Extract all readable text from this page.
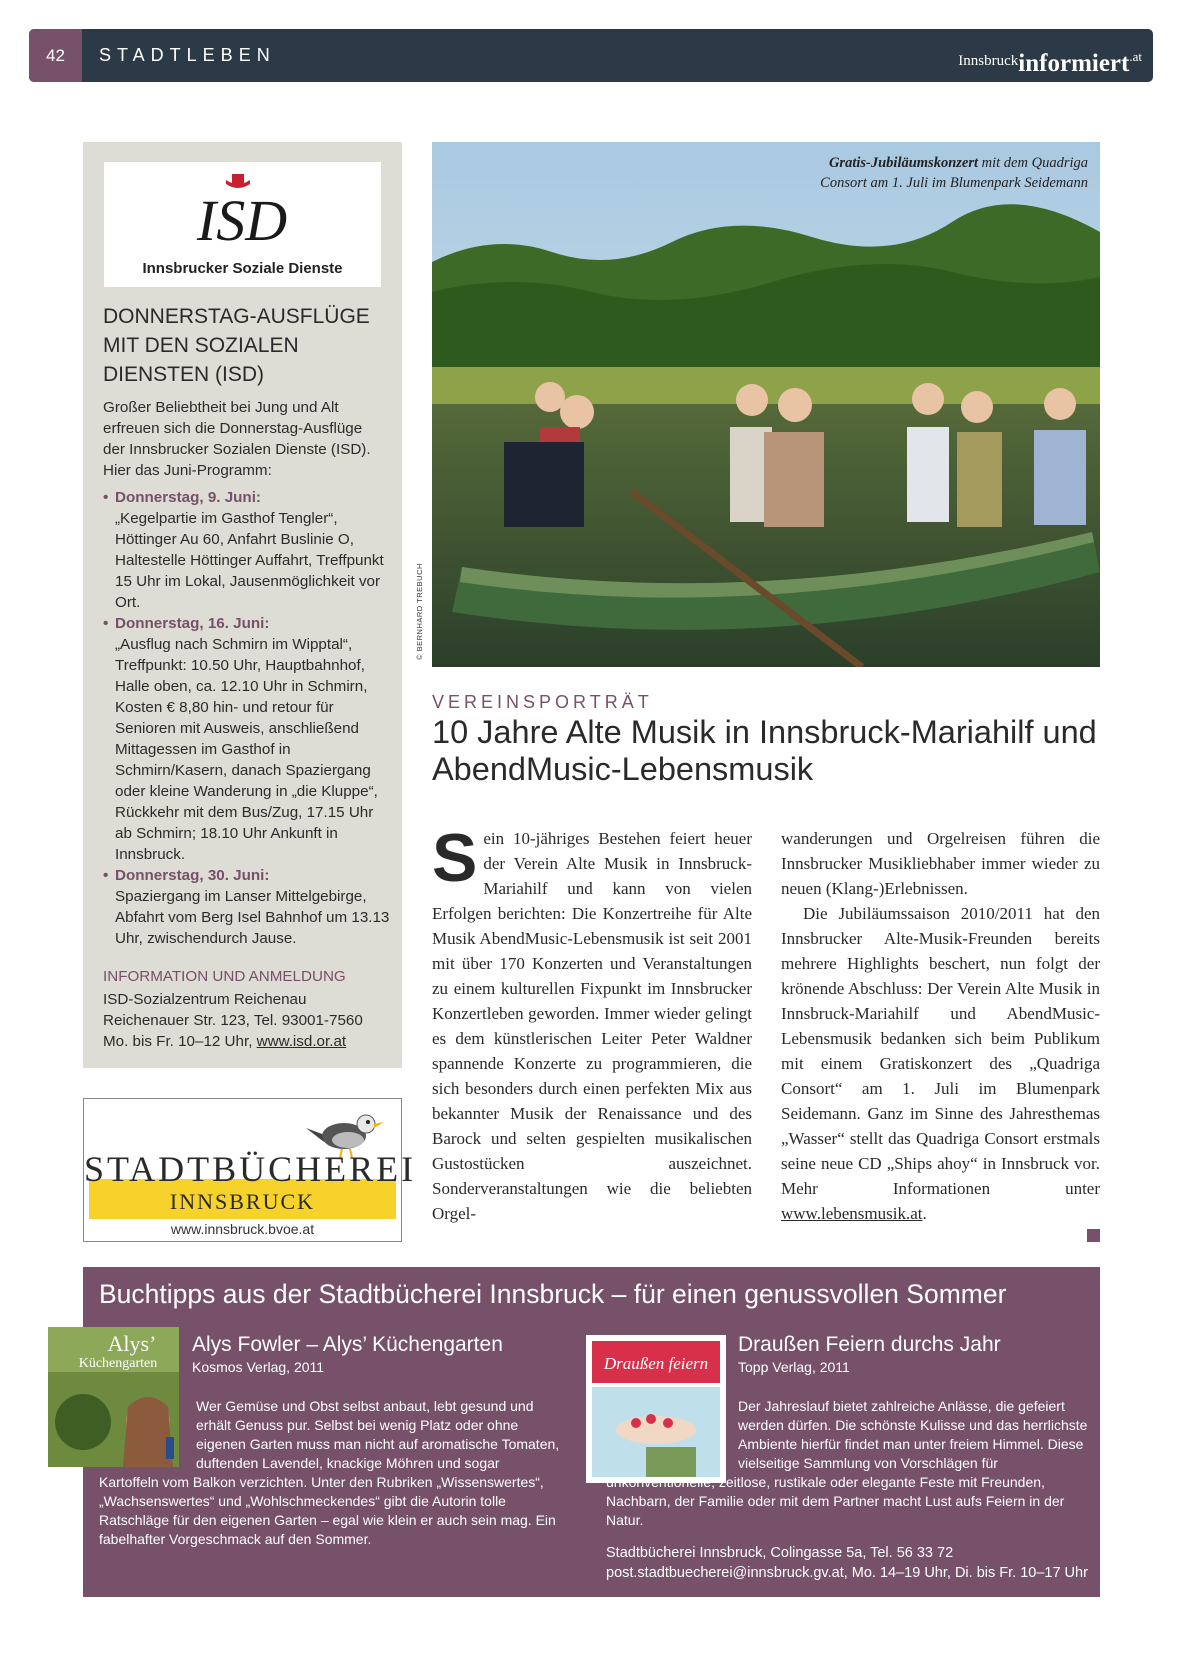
42	STADTLEBEN	Innsbruckinformiert$^{.at}$
ISD
Innsbrucker Soziale Dienste
DONNERSTAG-AUSFLÜGE MIT DEN SOZIALEN DIENSTEN (ISD)
Großer Beliebtheit bei Jung und Alt erfreuen sich die Donnerstag-Ausflüge der Innsbrucker Sozialen Dienste (ISD). Hier das Juni-Programm:
• Donnerstag, 9. Juni:
„Kegelpartie im Gasthof Tengler“, Höttinger Au 60, Anfahrt Buslinie O, Haltestelle Höttinger Auffahrt, Treffpunkt 15 Uhr im Lokal, Jausenmöglichkeit vor Ort.
• Donnerstag, 16. Juni:
„Ausflug nach Schmirn im Wipptal“, Treffpunkt: 10.50 Uhr, Hauptbahnhof, Halle oben, ca. 12.10 Uhr in Schmirn, Kosten € 8,80 hin- und retour für Senioren mit Ausweis, anschließend Mittagessen im Gasthof in Schmirn/Kasern, danach Spaziergang oder kleine Wanderung in „die Kluppe“, Rückkehr mit dem Bus/Zug, 17.15 Uhr ab Schmirn; 18.10 Uhr Ankunft in Innsbruck.
• Donnerstag, 30. Juni:
Spaziergang im Lanser Mittelgebirge, Abfahrt vom Berg Isel Bahnhof um 13.13 Uhr, zwischendurch Jause.
INFORMATION UND ANMELDUNG
ISD-Sozialzentrum Reichenau
Reichenauer Str. 123, Tel. 93001-7560
Mo. bis Fr. 10–12 Uhr, www.isd.or.at
STADTBÜCHEREI
INNSBRUCK
www.innsbruck.bvoe.at
Gratis-Jubiläumskonzert mit dem Quadriga
Consort am 1. Juli im Blumenpark Seidemann
© BERNHARD TREBUCH
VEREINSPORTRÄT
10 Jahre Alte Musik in Innsbruck-Mariahilf und AbendMusic-Lebensmusik
Sein 10-jähriges Bestehen feiert heuer der Verein Alte Musik in Innsbruck-Mariahilf und kann von vielen Erfolgen berichten: Die Konzertreihe für Alte Musik AbendMusic-Lebensmusik ist seit 2001 mit über 170 Konzerten und Veranstaltungen zu einem kulturellen Fixpunkt im Innsbrucker Konzertleben geworden. Immer wieder gelingt es dem künstlerischen Leiter Peter Waldner spannende Konzerte zu programmieren, die sich besonders durch einen perfekten Mix aus bekannter Musik der Renaissance und des Barock und selten gespielten musikalischen Gustostücken auszeichnet. Sonderveranstaltungen wie die beliebten Orgel-
wanderungen und Orgelreisen führen die Innsbrucker Musikliebhaber immer wieder zu neuen (Klang-)Erlebnissen.
Die Jubiläumssaison 2010/2011 hat den Innsbrucker Alte-Musik-Freunden bereits mehrere Highlights beschert, nun folgt der krönende Abschluss: Der Verein Alte Musik in Innsbruck-Mariahilf und AbendMusic-Lebensmusik bedanken sich beim Publikum mit einem Gratiskonzert des „Quadriga Consort“ am 1. Juli im Blumenpark Seidemann. Ganz im Sinne des Jahresthemas „Wasser“ stellt das Quadriga Consort erstmals seine neue CD „Ships ahoy“ in Innsbruck vor. Mehr Informationen unter www.lebensmusik.at.
Buchtipps aus der Stadtbücherei Innsbruck – für einen genussvollen Sommer
Alys’
Küchengarten
Alys Fowler – Alys’ Küchengarten
Kosmos Verlag, 2011
Wer Gemüse und Obst selbst anbaut, lebt gesund und erhält Genuss pur. Selbst bei wenig Platz oder ohne eigenen Garten muss man nicht auf aromatische Tomaten, duftenden Lavendel, knackige Möhren und sogar Kartoffeln vom Balkon verzichten. Unter den Rubriken „Wissenswertes“, „Wachsenswertes“ und „Wohlschmeckendes“ gibt die Autorin tolle Ratschläge für den eigenen Garten – egal wie klein er auch sein mag. Ein fabelhafter Vorgeschmack auf den Sommer.
Draußen feiern
Draußen Feiern durchs Jahr
Topp Verlag, 2011
Der Jahreslauf bietet zahlreiche Anlässe, die gefeiert werden dürfen. Die schönste Kulisse und das herrlichste Ambiente hierfür findet man unter freiem Himmel. Diese vielseitige Sammlung von Vorschlägen für unkonventionelle, zeitlose, rustikale oder elegante Feste mit Freunden, Nachbarn, der Familie oder mit dem Partner macht Lust aufs Feiern in der Natur.
Stadtbücherei Innsbruck, Colingasse 5a, Tel. 56 33 72
post.stadtbuecherei@innsbruck.gv.at, Mo. 14–19 Uhr, Di. bis Fr. 10–17 Uhr
